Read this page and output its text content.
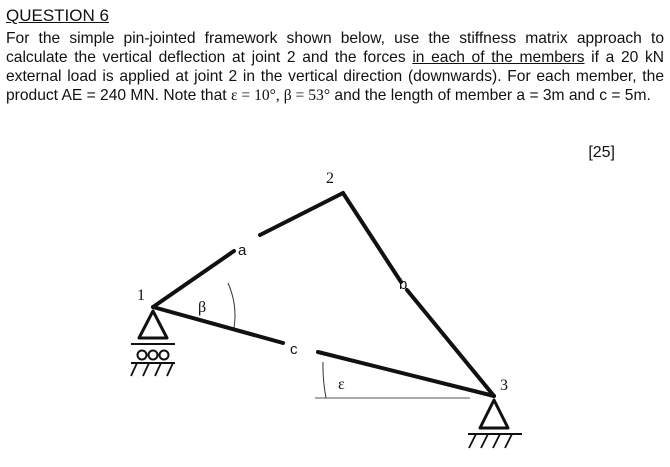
QUESTION 6

For the simple pin-jointed framework shown below, use the stiffness matrix approach to calculate the vertical deflection at joint 2 and the forces in each of the members if a 20 kN external load is applied at joint 2 in the vertical direction (downwards). For each member, the product AE = 240 MN. Note that ε = 10°, β = 53° and the length of member a = 3m and c = 5m.

[25]
1
2
3
a
b
c
β
ε
